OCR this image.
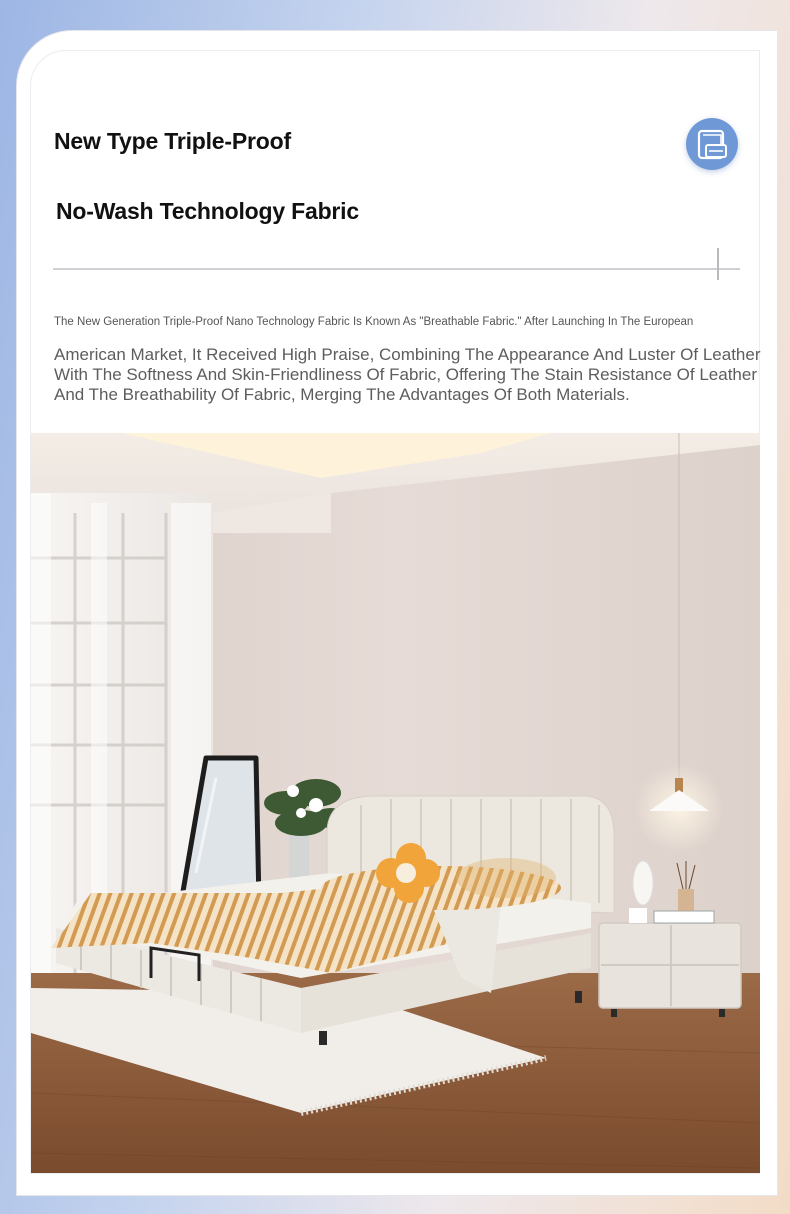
New Type Triple-Proof
No-Wash Technology Fabric

The New Generation Triple-Proof Nano Technology Fabric Is Known As "Breathable Fabric." After Launching In The European

American Market, It Received High Praise, Combining The Appearance And Luster Of Leather With The Softness And Skin-Friendliness Of Fabric, Offering The Stain Resistance Of Leather And The Breathability Of Fabric, Merging The Advantages Of Both Materials.
